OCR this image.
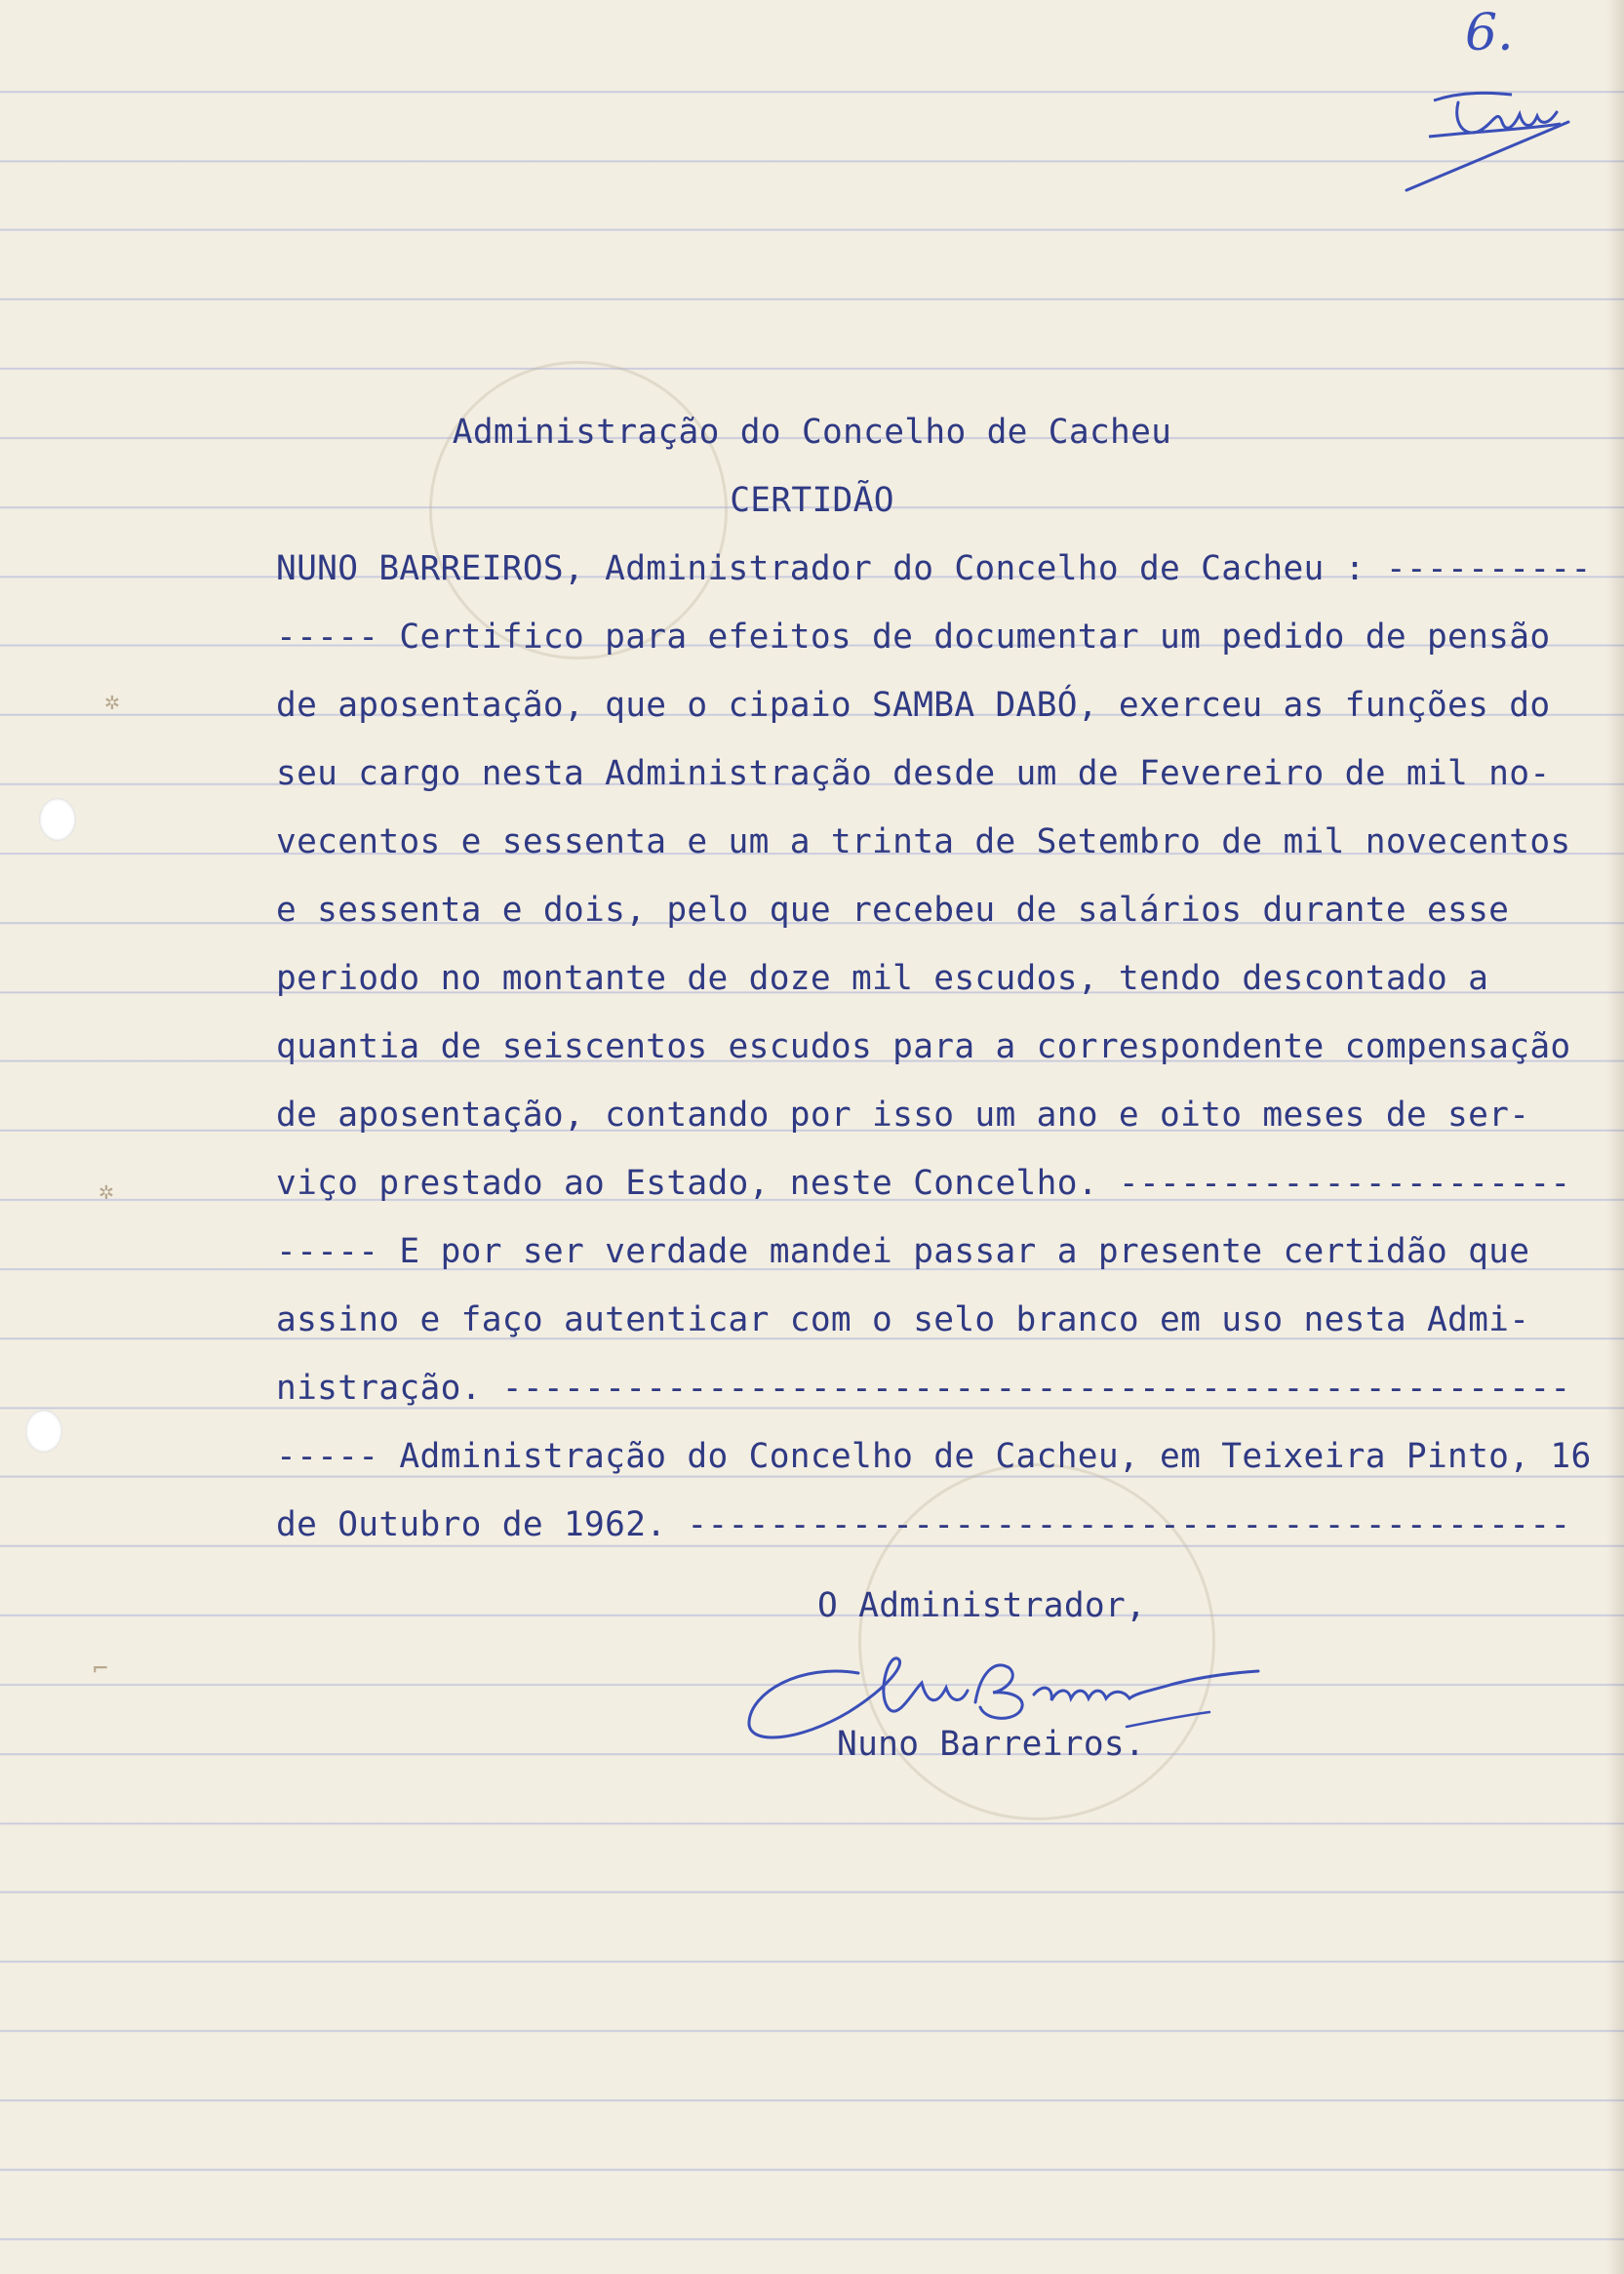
6.
✲
✲
⌐
Administração do Concelho de Cacheu
CERTIDÃO
NUNO BARREIROS, Administrador do Concelho de Cacheu : ----------
----- Certifico para efeitos de documentar um pedido de pensão
de aposentação, que o cipaio SAMBA DABÓ, exerceu as funções do
seu cargo nesta Administração desde um de Fevereiro de mil no-
vecentos e sessenta e um a trinta de Setembro de mil novecentos
e sessenta e dois, pelo que recebeu de salários durante esse
periodo no montante de doze mil escudos, tendo descontado a
quantia de seiscentos escudos para a correspondente compensação
de aposentação, contando por isso um ano e oito meses de ser-
viço prestado ao Estado, neste Concelho. ----------------------
----- E por ser verdade mandei passar a presente certidão que
assino e faço autenticar com o selo branco em uso nesta Admi-
nistração. ----------------------------------------------------
----- Administração do Concelho de Cacheu, em Teixeira Pinto, 16
de Outubro de 1962. -------------------------------------------
O Administrador,
Nuno Barreiros.
